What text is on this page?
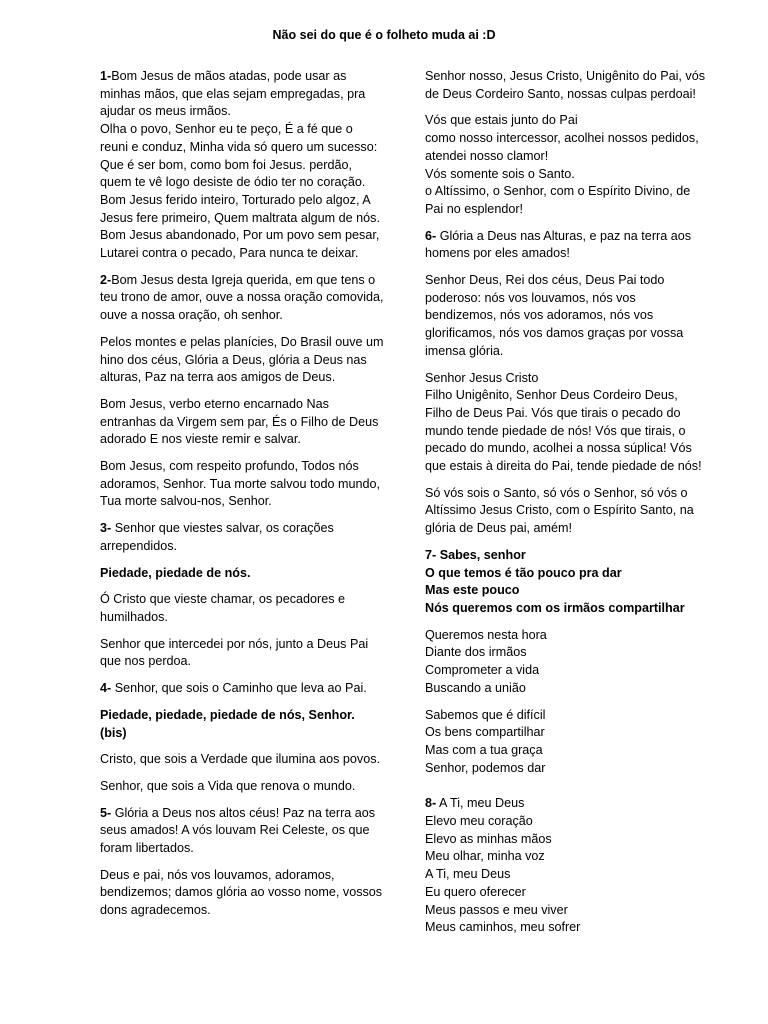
Não sei do que é o folheto muda ai :D
1-Bom Jesus de mãos atadas, pode usar as minhas mãos, que elas sejam empregadas, pra ajudar os meus irmãos.
Olha o povo, Senhor eu te peço, É a fé que o reuni e conduz, Minha vida só quero um sucesso: Que é ser bom, como bom foi Jesus. perdão, quem te vê logo desiste de ódio ter no coração.
Bom Jesus ferido inteiro, Torturado pelo algoz, A Jesus fere primeiro, Quem maltrata algum de nós.
Bom Jesus abandonado, Por um povo sem pesar, Lutarei contra o pecado, Para nunca te deixar.
2-Bom Jesus desta Igreja querida, em que tens o teu trono de amor, ouve a nossa oração comovida, ouve a nossa oração, oh senhor.
Pelos montes e pelas planícies, Do Brasil ouve um hino dos céus, Glória a Deus, glória a Deus nas alturas, Paz na terra aos amigos de Deus.
Bom Jesus, verbo eterno encarnado Nas entranhas da Virgem sem par, És o Filho de Deus adorado E nos vieste remir e salvar.
Bom Jesus, com respeito profundo, Todos nós adoramos, Senhor. Tua morte salvou todo mundo, Tua morte salvou-nos, Senhor.
3- Senhor que viestes salvar, os corações arrependidos.
Piedade, piedade de nós.
Ó Cristo que vieste chamar, os pecadores e humilhados.
Senhor que intercedei por nós, junto a Deus Pai que nos perdoa.
4- Senhor, que sois o Caminho que leva ao Pai.
Piedade, piedade, piedade de nós, Senhor. (bis)
Cristo, que sois a Verdade que ilumina aos povos.
Senhor, que sois a Vida que renova o mundo.
5- Glória a Deus nos altos céus! Paz na terra aos seus amados! A vós louvam Rei Celeste, os que foram libertados.
Deus e pai, nós vos louvamos, adoramos, bendizemos; damos glória ao vosso nome, vossos dons agradecemos.
Senhor nosso, Jesus Cristo, Unigênito do Pai, vós de Deus Cordeiro Santo, nossas culpas perdoai!
Vós que estais junto do Pai
como nosso intercessor, acolhei nossos pedidos, atendei nosso clamor!
Vós somente sois o Santo.
o Altíssimo, o Senhor, com o Espírito Divino, de Pai no esplendor!
6- Glória a Deus nas Alturas, e paz na terra aos homens por eles amados!
Senhor Deus, Rei dos céus, Deus Pai todo poderoso: nós vos louvamos, nós vos bendizemos, nós vos adoramos, nós vos glorificamos, nós vos damos graças por vossa imensa glória.
Senhor Jesus Cristo
Filho Unigênito, Senhor Deus Cordeiro Deus, Filho de Deus Pai. Vós que tirais o pecado do mundo tende piedade de nós! Vós que tirais, o pecado do mundo, acolhei a nossa súplica! Vós que estais à direita do Pai, tende piedade de nós!
Só vós sois o Santo, só vós o Senhor, só vós o Altíssimo Jesus Cristo, com o Espírito Santo, na glória de Deus pai, amém!
7- Sabes, senhor
O que temos é tão pouco pra dar
Mas este pouco
Nós queremos com os irmãos compartilhar
Queremos nesta hora
Diante dos irmãos
Comprometer a vida
Buscando a união
Sabemos que é difícil
Os bens compartilhar
Mas com a tua graça
Senhor, podemos dar
8- A Ti, meu Deus
Elevo meu coração
Elevo as minhas mãos
Meu olhar, minha voz
A Ti, meu Deus
Eu quero oferecer
Meus passos e meu viver
Meus caminhos, meu sofrer
